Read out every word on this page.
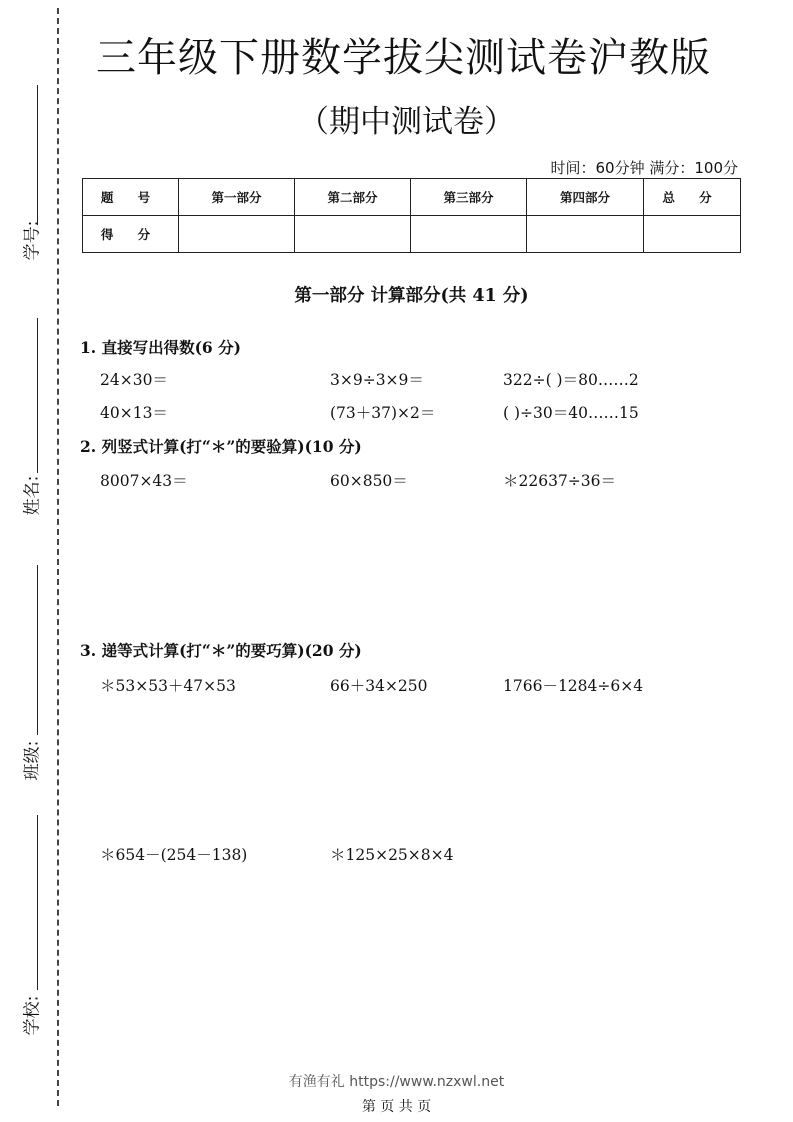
学号:
姓名:
班级:
学校:
三年级下册数学拔尖测试卷沪教版
（期中测试卷）
时间：60分钟 满分：100分
题 号	第一部分	第二部分	第三部分	第四部分	总 分
得 分					
第一部分 计算部分(共 41 分)
1. 直接写出得数(6 分)
24×30＝	3×9÷3×9＝	322÷( )＝80……2
40×13＝	(73＋37)×2＝	( )÷30＝40……15
2. 列竖式计算(打“＊”的要验算)(10 分)
8007×43＝	60×850＝	＊22637÷36＝
3. 递等式计算(打“＊”的要巧算)(20 分)
＊53×53＋47×53	66＋34×250	1766－1284÷6×4
＊654－(254－138)	＊125×25×8×4
有渔有礼 https://www.nzxwl.net
第 页 共 页
